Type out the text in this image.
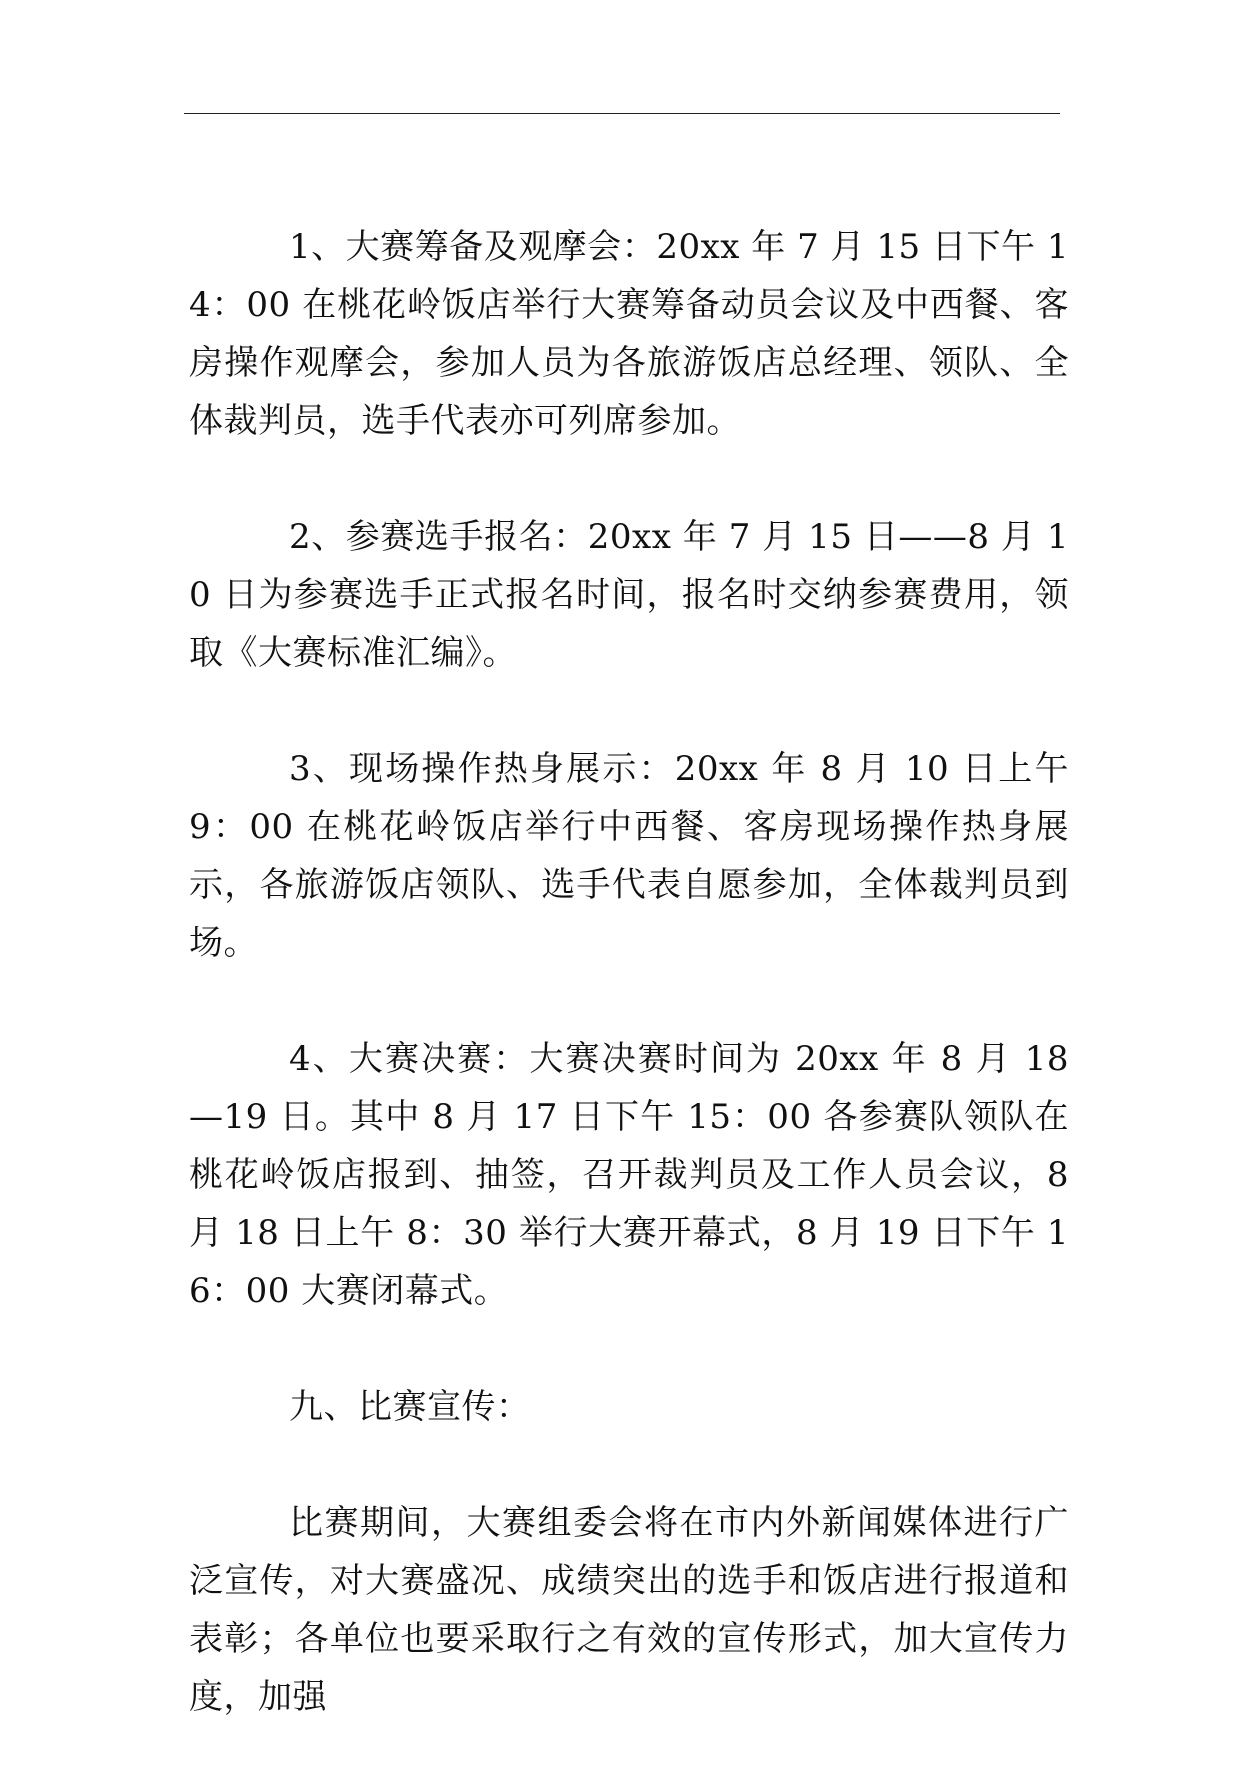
1、大赛筹备及观摩会：20xx 年 7 月 15 日下午 14：00 在桃花岭饭店举行大赛筹备动员会议及中西餐、客房操作观摩会，参加人员为各旅游饭店总经理、领队、全体裁判员，选手代表亦可列席参加。

2、参赛选手报名：20xx 年 7 月 15 日——8 月 10 日为参赛选手正式报名时间，报名时交纳参赛费用，领取《大赛标准汇编》。

3、现场操作热身展示：20xx 年 8 月 10 日上午 9：00 在桃花岭饭店举行中西餐、客房现场操作热身展示，各旅游饭店领队、选手代表自愿参加，全体裁判员到场。

4、大赛决赛：大赛决赛时间为 20xx 年 8 月 18—19 日。其中 8 月 17 日下午 15：00 各参赛队领队在桃花岭饭店报到、抽签，召开裁判员及工作人员会议，8 月 18 日上午 8：30 举行大赛开幕式，8 月 19 日下午 16：00 大赛闭幕式。

九、比赛宣传：

比赛期间，大赛组委会将在市内外新闻媒体进行广泛宣传，对大赛盛况、成绩突出的选手和饭店进行报道和表彰；各单位也要采取行之有效的宣传形式，加大宣传力度，加强
